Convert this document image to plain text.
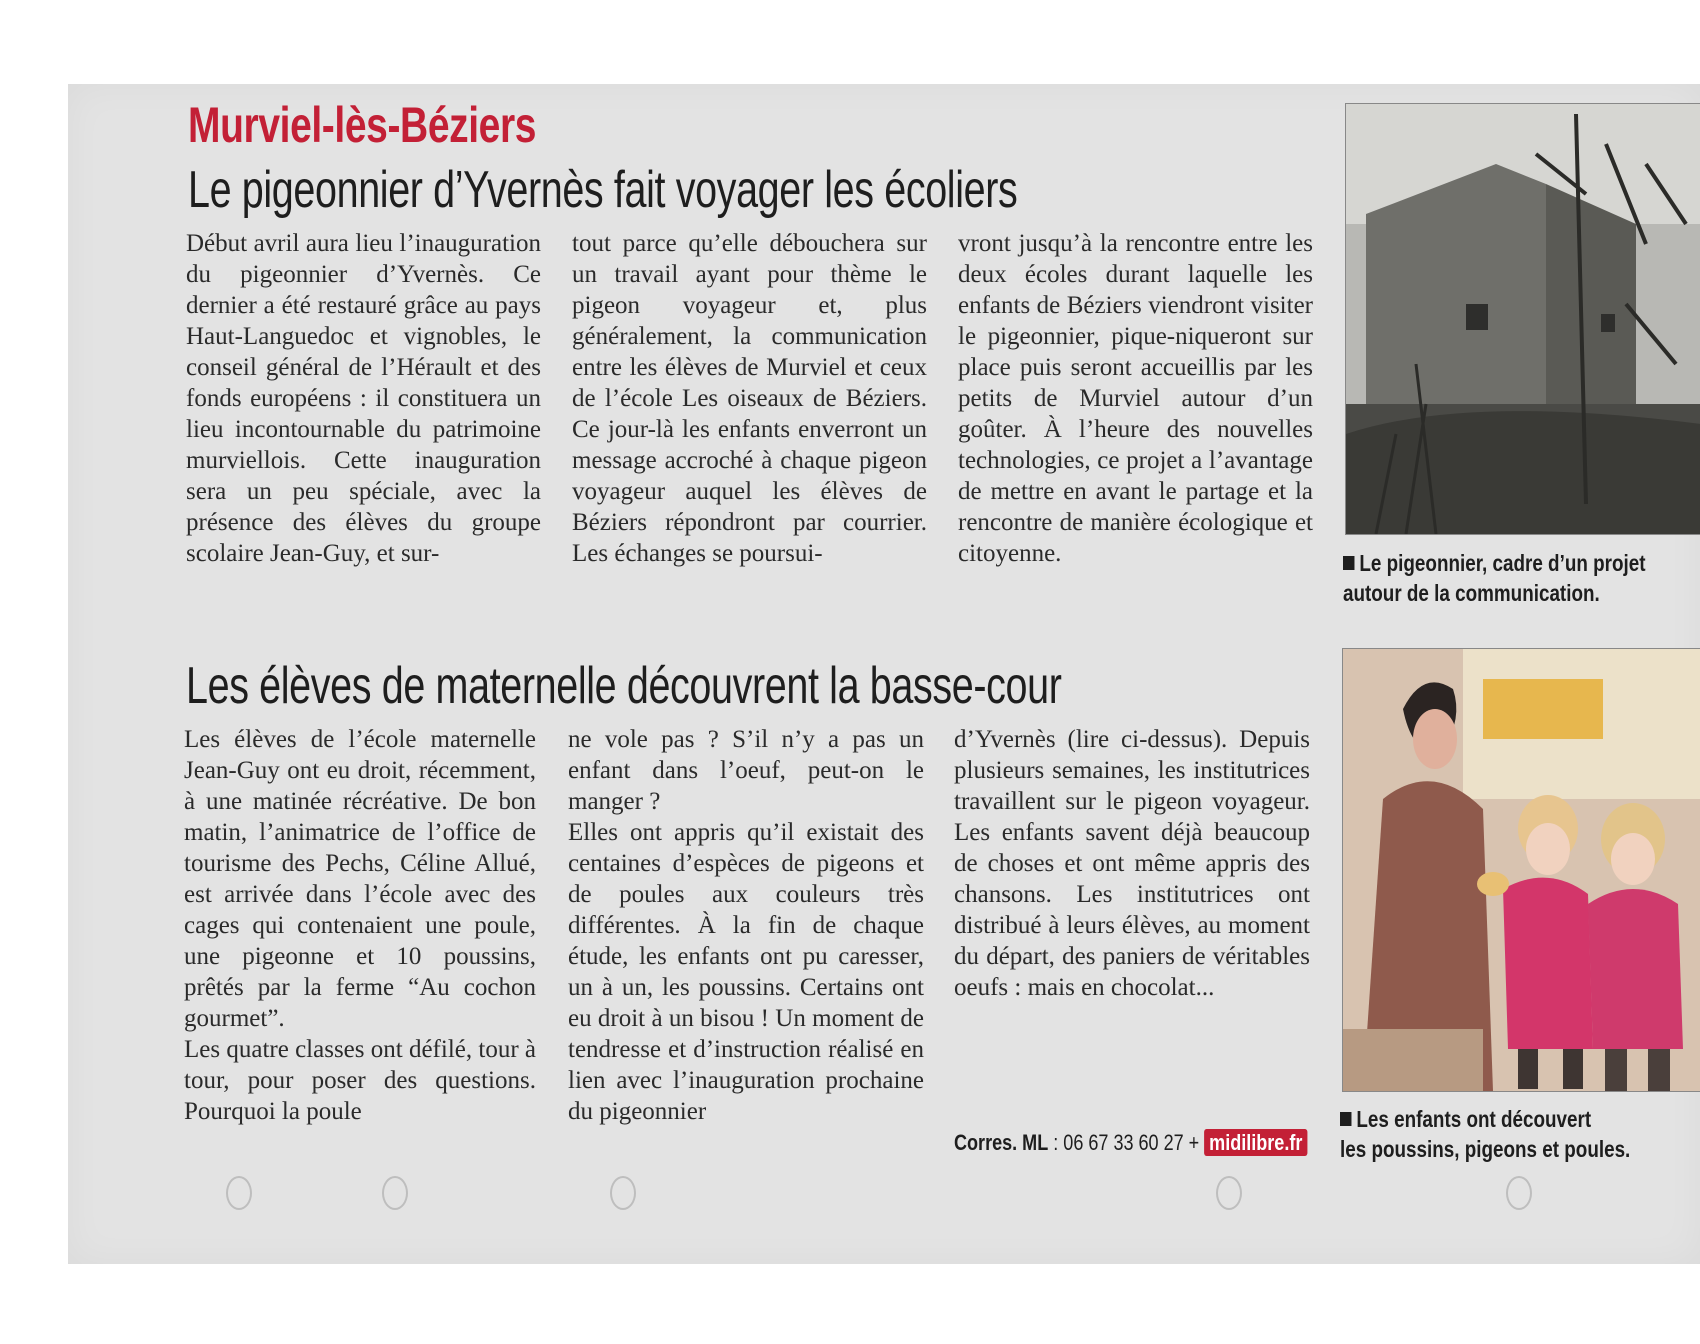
Murviel-lès-Béziers
Le pigeonnier d’Yvernès fait voyager les écoliers

Début avril aura lieu l’inauguration du pigeonnier d’Yvernès. Ce dernier a été restauré grâce au pays Haut-Languedoc et vignobles, le conseil général de l’Hérault et des fonds européens : il constituera un lieu incontournable du patrimoine murviellois. Cette inauguration sera un peu spéciale, avec la présence des élèves du groupe scolaire Jean-Guy, et sur-

tout parce qu’elle débouchera sur un travail ayant pour thème le pigeon voyageur et, plus généralement, la communication entre les élèves de Murviel et ceux de l’école Les oiseaux de Béziers. Ce jour-là les enfants enverront un message accroché à chaque pigeon voyageur auquel les élèves de Béziers répondront par courrier. Les échanges se poursui-

vront jusqu’à la rencontre entre les deux écoles durant laquelle les enfants de Béziers viendront visiter le pigeonnier, pique-niqueront sur place puis seront accueillis par les petits de Murviel autour d’un goûter. À l’heure des nouvelles technologies, ce projet a l’avantage de mettre en avant le partage et la rencontre de manière écologique et citoyenne.

Les élèves de maternelle découvrent la basse-cour

Les élèves de l’école maternelle Jean-Guy ont eu droit, récemment, à une matinée récréative. De bon matin, l’animatrice de l’office de tourisme des Pechs, Céline Allué, est arrivée dans l’école avec des cages qui contenaient une poule, une pigeonne et 10 poussins, prêtés par la ferme “Au cochon gourmet”.

Les quatre classes ont défilé, tour à tour, pour poser des questions. Pourquoi la poule

ne vole pas ? S’il n’y a pas un enfant dans l’oeuf, peut-on le manger ?

Elles ont appris qu’il existait des centaines d’espèces de pigeons et de poules aux couleurs très différentes. À la fin de chaque étude, les enfants ont pu caresser, un à un, les poussins. Certains ont eu droit à un bisou ! Un moment de tendresse et d’instruction réalisé en lien avec l’inauguration prochaine du pigeonnier

d’Yvernès (lire ci-dessus). Depuis plusieurs semaines, les institutrices travaillent sur le pigeon voyageur. Les enfants savent déjà beaucoup de choses et ont même appris des chansons. Les institutrices ont distribué à leurs élèves, au moment du départ, des paniers de véritables oeufs : mais en chocolat...

Corres. ML : 06 67 33 60 27 + midilibre.fr
Le pigeonnier, cadre d’un projet
autour de la communication.
Les enfants ont découvert
les poussins, pigeons et poules.
